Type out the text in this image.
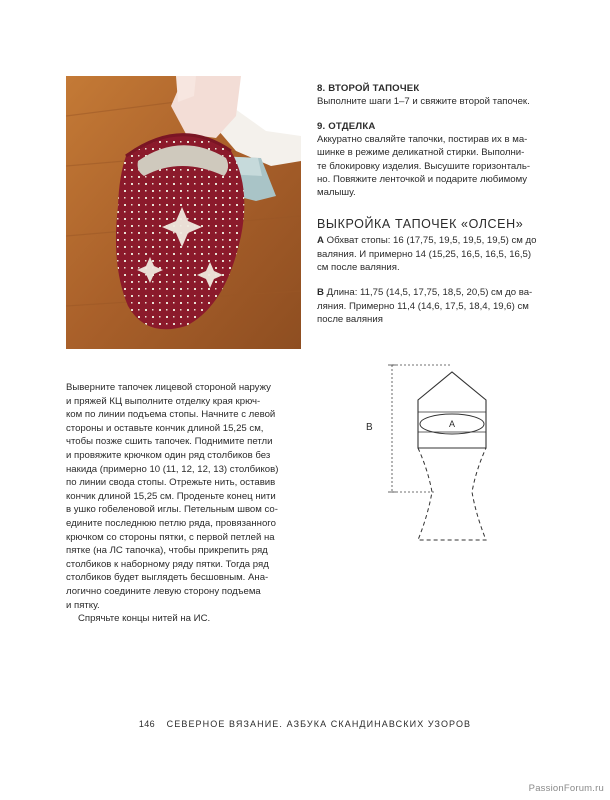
8. ВТОРОЙ ТАПОЧЕК

Выполните шаги 1–7 и свяжите второй тапочек.

9. ОТДЕЛКА

Аккуратно сваляйте тапочки, постирав их в ма-

шинке в режиме деликатной стирки. Выполни-

те блокировку изделия. Высушите горизонталь-

но. Повяжите ленточкой и подарите любимому

малышу.

ВЫКРОЙКА ТАПОЧЕК «ОЛСЕН»

A Обхват стопы: 16 (17,75, 19,5, 19,5, 19,5) см до

валяния. И примерно 14 (15,25, 16,5, 16,5, 16,5)

см после валяния.

B Длина: 11,75 (14,5, 17,75, 18,5, 20,5) см до ва-

ляния. Примерно 11,4 (14,6, 17,5, 18,4, 19,6) см

после валяния

B	A

Выверните тапочек лицевой стороной наружу

и пряжей КЦ выполните отделку края крюч-

ком по линии подъема стопы. Начните с левой

стороны и оставьте кончик длиной 15,25 см,

чтобы позже сшить тапочек. Поднимите петли

и провяжите крючком один ряд столбиков без

накида (примерно 10 (11, 12, 12, 13) столбиков)

по линии свода стопы. Отрежьте нить, оставив

кончик длиной 15,25 см. Проденьте конец нити

в ушко гобеленовой иглы. Петельным швом со-

едините последнюю петлю ряда, провязанного

крючком со стороны пятки, с первой петлей на

пятке (на ЛС тапочка), чтобы прикрепить ряд

столбиков к наборному ряду пятки. Тогда ряд

столбиков будет выглядеть бесшовным. Ана-

логично соедините левую сторону подъема

и пятку.

Спрячьте концы нитей на ИС.

146 СЕВЕРНОЕ ВЯЗАНИЕ. АЗБУКА СКАНДИНАВСКИХ УЗОРОВ
PassionForum.ru
